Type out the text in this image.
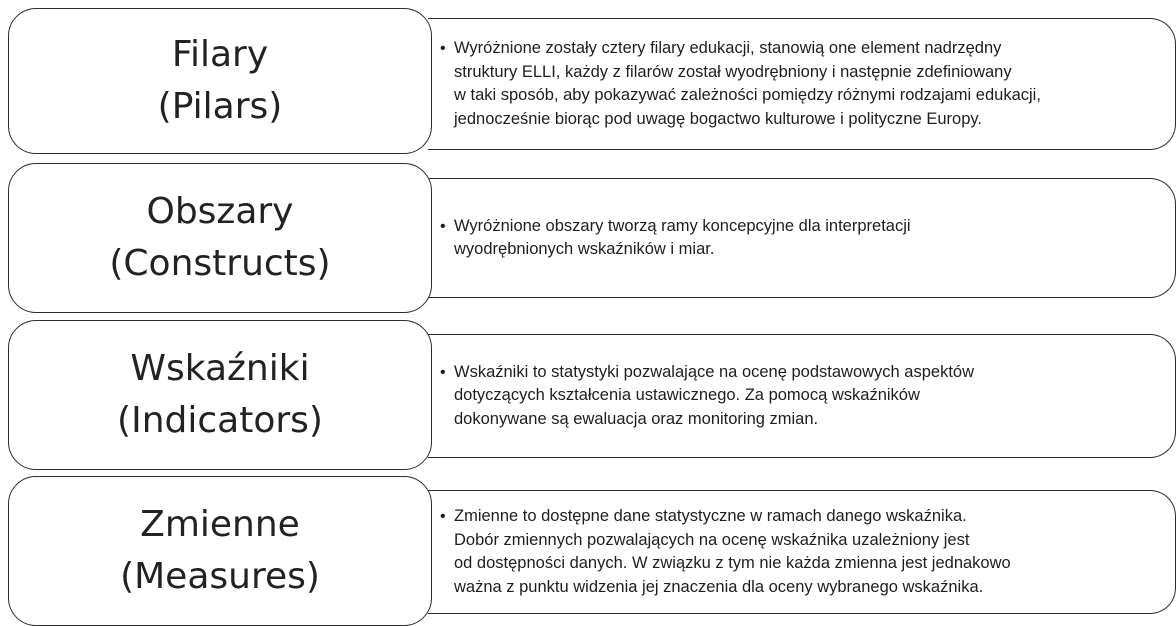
Filary
(Pilars)
• Wyróżnione zostały cztery filary edukacji, stanowią one element nadrzędny
struktury ELLI, każdy z filarów został wyodrębniony i następnie zdefiniowany
w taki sposób, aby pokazywać zależności pomiędzy różnymi rodzajami edukacji,
jednocześnie biorąc pod uwagę bogactwo kulturowe i polityczne Europy.
Obszary
(Constructs)
• Wyróżnione obszary tworzą ramy koncepcyjne dla interpretacji
wyodrębnionych wskaźników i miar.
Wskaźniki
(Indicators)
• Wskaźniki to statystyki pozwalające na ocenę podstawowych aspektów
dotyczących kształcenia ustawicznego. Za pomocą wskaźników
dokonywane są ewaluacja oraz monitoring zmian.
Zmienne
(Measures)
• Zmienne to dostępne dane statystyczne w ramach danego wskaźnika.
Dobór zmiennych pozwalających na ocenę wskaźnika uzależniony jest
od dostępności danych. W związku z tym nie każda zmienna jest jednakowo
ważna z punktu widzenia jej znaczenia dla oceny wybranego wskaźnika.
